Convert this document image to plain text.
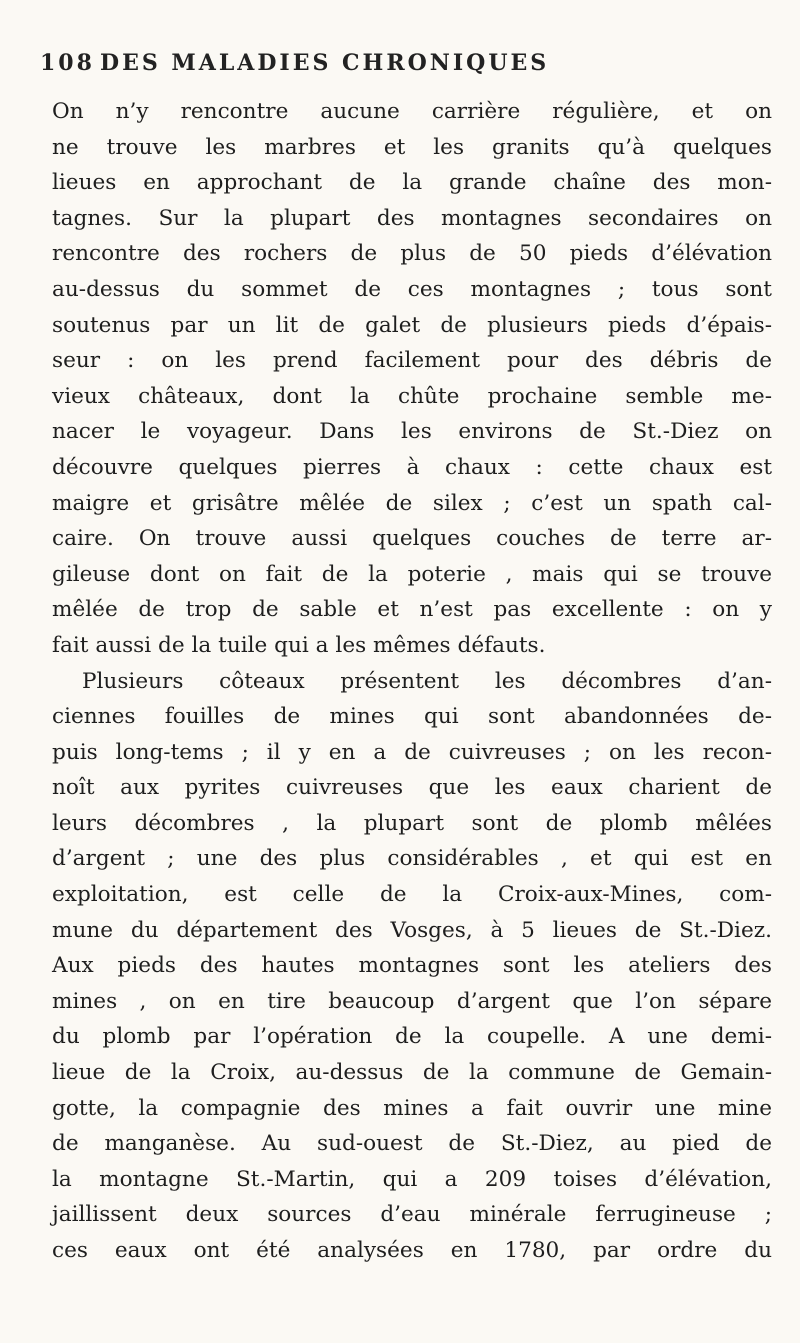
108 DES MALADIES CHRONIQUES
On n’y rencontre aucune carrière régulière, et on
ne trouve les marbres et les granits qu’à quelques
lieues en approchant de la grande chaîne des mon-
tagnes. Sur la plupart des montagnes secondaires on
rencontre des rochers de plus de 50 pieds d’élévation
au-dessus du sommet de ces montagnes ; tous sont
soutenus par un lit de galet de plusieurs pieds d’épais-
seur : on les prend facilement pour des débris de
vieux châteaux, dont la chûte prochaine semble me-
nacer le voyageur. Dans les environs de St.-Diez on
découvre quelques pierres à chaux : cette chaux est
maigre et grisâtre mêlée de silex ; c’est un spath cal-
caire. On trouve aussi quelques couches de terre ar-
gileuse dont on fait de la poterie , mais qui se trouve
mêlée de trop de sable et n’est pas excellente : on y
fait aussi de la tuile qui a les mêmes défauts.
Plusieurs côteaux présentent les décombres d’an-
ciennes fouilles de mines qui sont abandonnées de-
puis long-tems ; il y en a de cuivreuses ; on les recon-
noît aux pyrites cuivreuses que les eaux charient de
leurs décombres , la plupart sont de plomb mêlées
d’argent ; une des plus considérables , et qui est en
exploitation, est celle de la Croix-aux-Mines, com-
mune du département des Vosges, à 5 lieues de St.-Diez.
Aux pieds des hautes montagnes sont les ateliers des
mines , on en tire beaucoup d’argent que l’on sépare
du plomb par l’opération de la coupelle. A une demi-
lieue de la Croix, au-dessus de la commune de Gemain-
gotte, la compagnie des mines a fait ouvrir une mine
de manganèse. Au sud-ouest de St.-Diez, au pied de
la montagne St.-Martin, qui a 209 toises d’élévation,
jaillissent deux sources d’eau minérale ferrugineuse ;
ces eaux ont été analysées en 1780, par ordre du
